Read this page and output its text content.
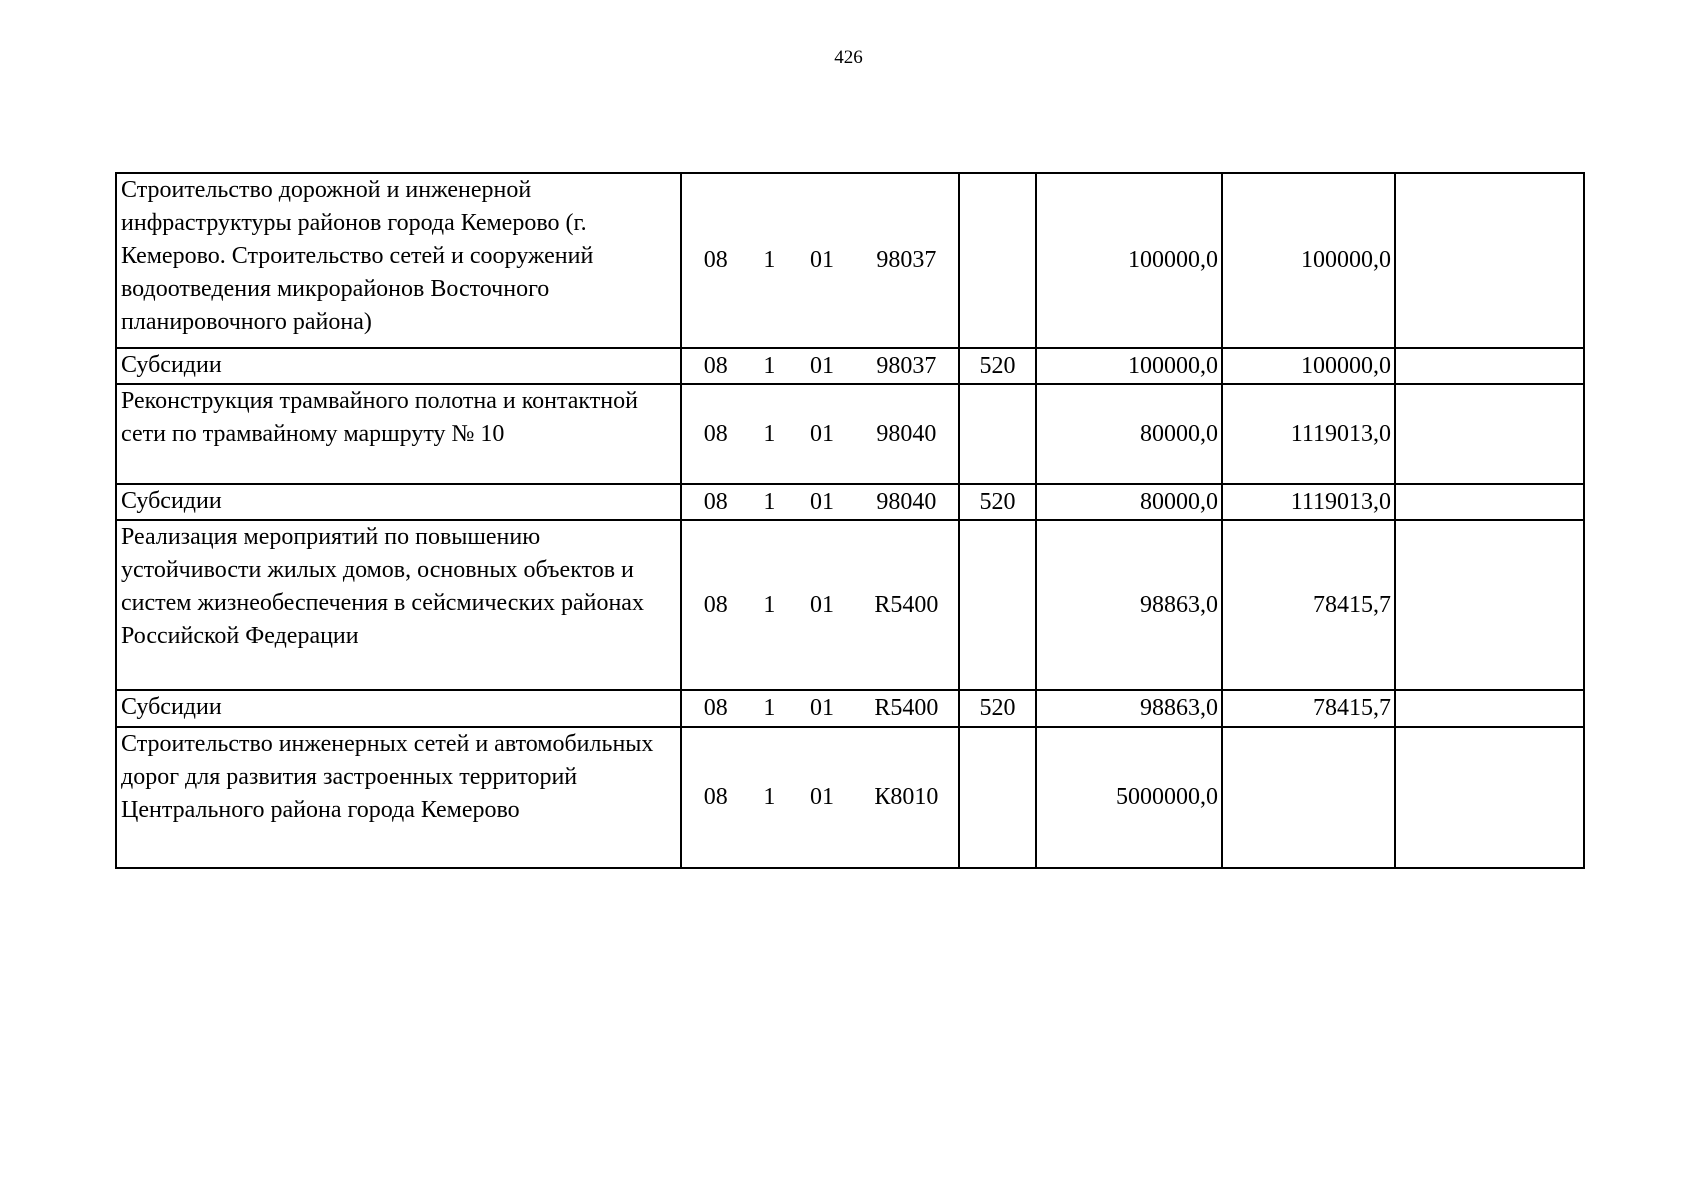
426
Строительство дорожной и инженерной инфраструктуры районов города Кемерово (г. Кемерово. Строительство сетей и сооружений водоотведения микрорайонов Восточного планировочного района)	08 1 01 98037		100000,0	100000,0	
Субсидии	08 1 01 98037	520	100000,0	100000,0	
Реконструкция трамвайного полотна и контактной сети по трамвайному маршруту № 10	08 1 01 98040		80000,0	1119013,0	
Субсидии	08 1 01 98040	520	80000,0	1119013,0	
Реализация мероприятий по повышению устойчивости жилых домов, основных объектов и систем жизнеобеспечения в сейсмических районах Российской Федерации	08 1 01 R5400		98863,0	78415,7	
Субсидии	08 1 01 R5400	520	98863,0	78415,7	
Строительство инженерных сетей и автомобильных дорог для развития застроенных территорий Центрального района города Кемерово	08 1 01 К8010		5000000,0		
